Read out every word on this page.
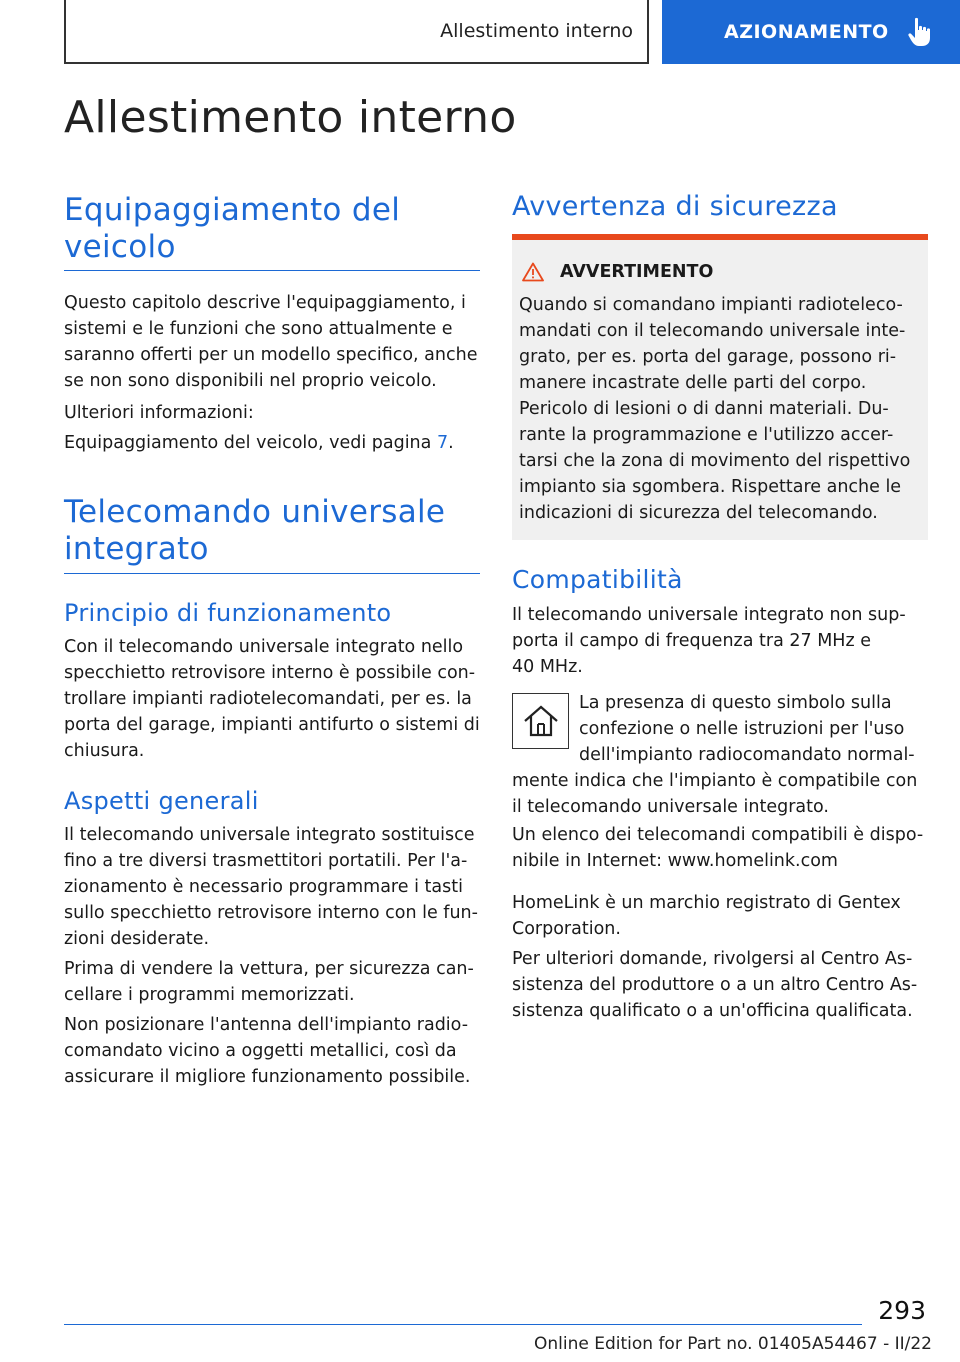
Allestimento interno	AZIONAMENTO
Allestimento interno
Equipaggiamento del
veicolo

Questo capitolo descrive l'equipaggiamento, i
sistemi e le funzioni che sono attualmente e
saranno offerti per un modello specifico, anche
se non sono disponibili nel proprio veicolo.

Ulteriori informazioni:

Equipaggiamento del veicolo, vedi pagina 7.

Telecomando universale
integrato
Principio di funzionamento

Con il telecomando universale integrato nello
specchietto retrovisore interno è possibile con-
trollare impianti radiotelecomandati, per es. la
porta del garage, impianti antifurto o sistemi di
chiusura.

Aspetti generali

Il telecomando universale integrato sostituisce
fino a tre diversi trasmettitori portatili. Per l'a-
zionamento è necessario programmare i tasti
sullo specchietto retrovisore interno con le fun-
zioni desiderate.

Prima di vendere la vettura, per sicurezza can-
cellare i programmi memorizzati.

Non posizionare l'antenna dell'impianto radio-
comandato vicino a oggetti metallici, così da
assicurare il migliore funzionamento possibile.

Avvertenza di sicurezza
AVVERTIMENTO

Quando si comandano impianti radioteleco-
mandati con il telecomando universale inte-
grato, per es. porta del garage, possono ri-
manere incastrate delle parti del corpo.
Pericolo di lesioni o di danni materiali. Du-
rante la programmazione e l'utilizzo accer-
tarsi che la zona di movimento del rispettivo
impianto sia sgombera. Rispettare anche le
indicazioni di sicurezza del telecomando.

Compatibilità

Il telecomando universale integrato non sup-
porta il campo di frequenza tra 27 MHz e
40 MHz.

La presenza di questo simbolo sulla
confezione o nelle istruzioni per l'uso
dell'impianto radiocomandato normal-

mente indica che l'impianto è compatibile con
il telecomando universale integrato.

Un elenco dei telecomandi compatibili è dispo-
nibile in Internet: www.homelink.com

HomeLink è un marchio registrato di Gentex
Corporation.

Per ulteriori domande, rivolgersi al Centro As-
sistenza del produttore o a un altro Centro As-
sistenza qualificato o a un'officina qualificata.

293
Online Edition for Part no. 01405A54467 - II/22
